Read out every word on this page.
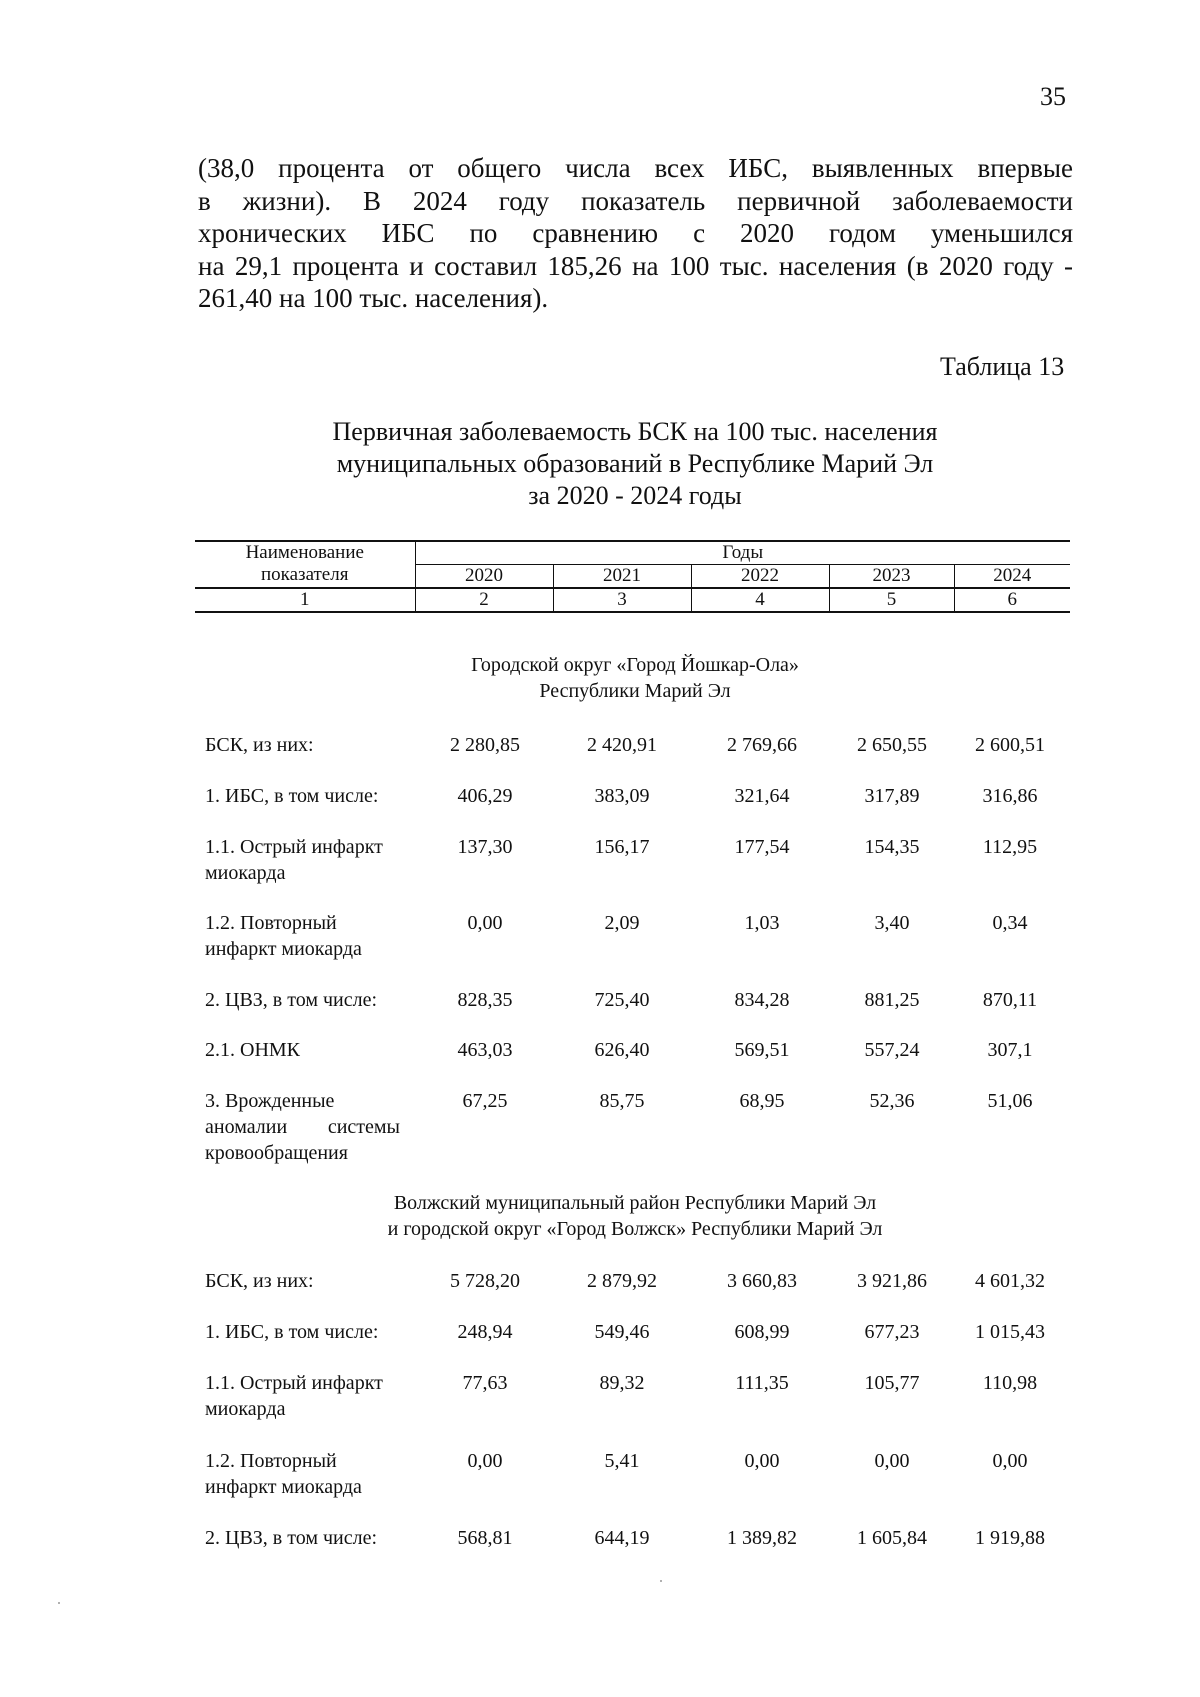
35

(38,0 процента от общего числа всех ИБС, выявленных впервые

в жизни). В 2024 году показатель первичной заболеваемости

хронических ИБС по сравнению с 2020 годом уменьшился

на 29,1 процента и составил 185,26 на 100 тыс. населения (в 2020 году -

261,40 на 100 тыс. населения).

Таблица 13
Первичная заболеваемость БСК на 100 тыс. населения
муниципальных образований в Республике Марий Эл
за 2020 - 2024 годы
Наименование
показателя	Годы				
	2020	2021	2022	2023	2024
1	2	3	4	5	6
Городской округ «Город Йошкар-Ола»
Республики Марий Эл
БСК, из них:	2 280,85	2 420,91	2 769,66	2 650,55	2 600,51
1. ИБС, в том числе:	406,29	383,09	321,64	317,89	316,86
1.1. Острый инфаркт
миокарда
137,30	156,17	177,54	154,35	112,95
1.2. Повторный
инфаркт миокарда
0,00	2,09	1,03	3,40	0,34
2. ЦВЗ, в том числе:	828,35	725,40	834,28	881,25	870,11
2.1. ОНМК	463,03	626,40	569,51	557,24	307,1
3. Врожденные
аномалии системы
кровообращения
67,25	85,75	68,95	52,36	51,06
Волжский муниципальный район Республики Марий Эл
и городской округ «Город Волжск» Республики Марий Эл
БСК, из них:	5 728,20	2 879,92	3 660,83	3 921,86	4 601,32
1. ИБС, в том числе:	248,94	549,46	608,99	677,23	1 015,43
1.1. Острый инфаркт
миокарда
77,63	89,32	111,35	105,77	110,98
1.2. Повторный
инфаркт миокарда
0,00	5,41	0,00	0,00	0,00
2. ЦВЗ, в том числе:	568,81	644,19	1 389,82	1 605,84	1 919,88
